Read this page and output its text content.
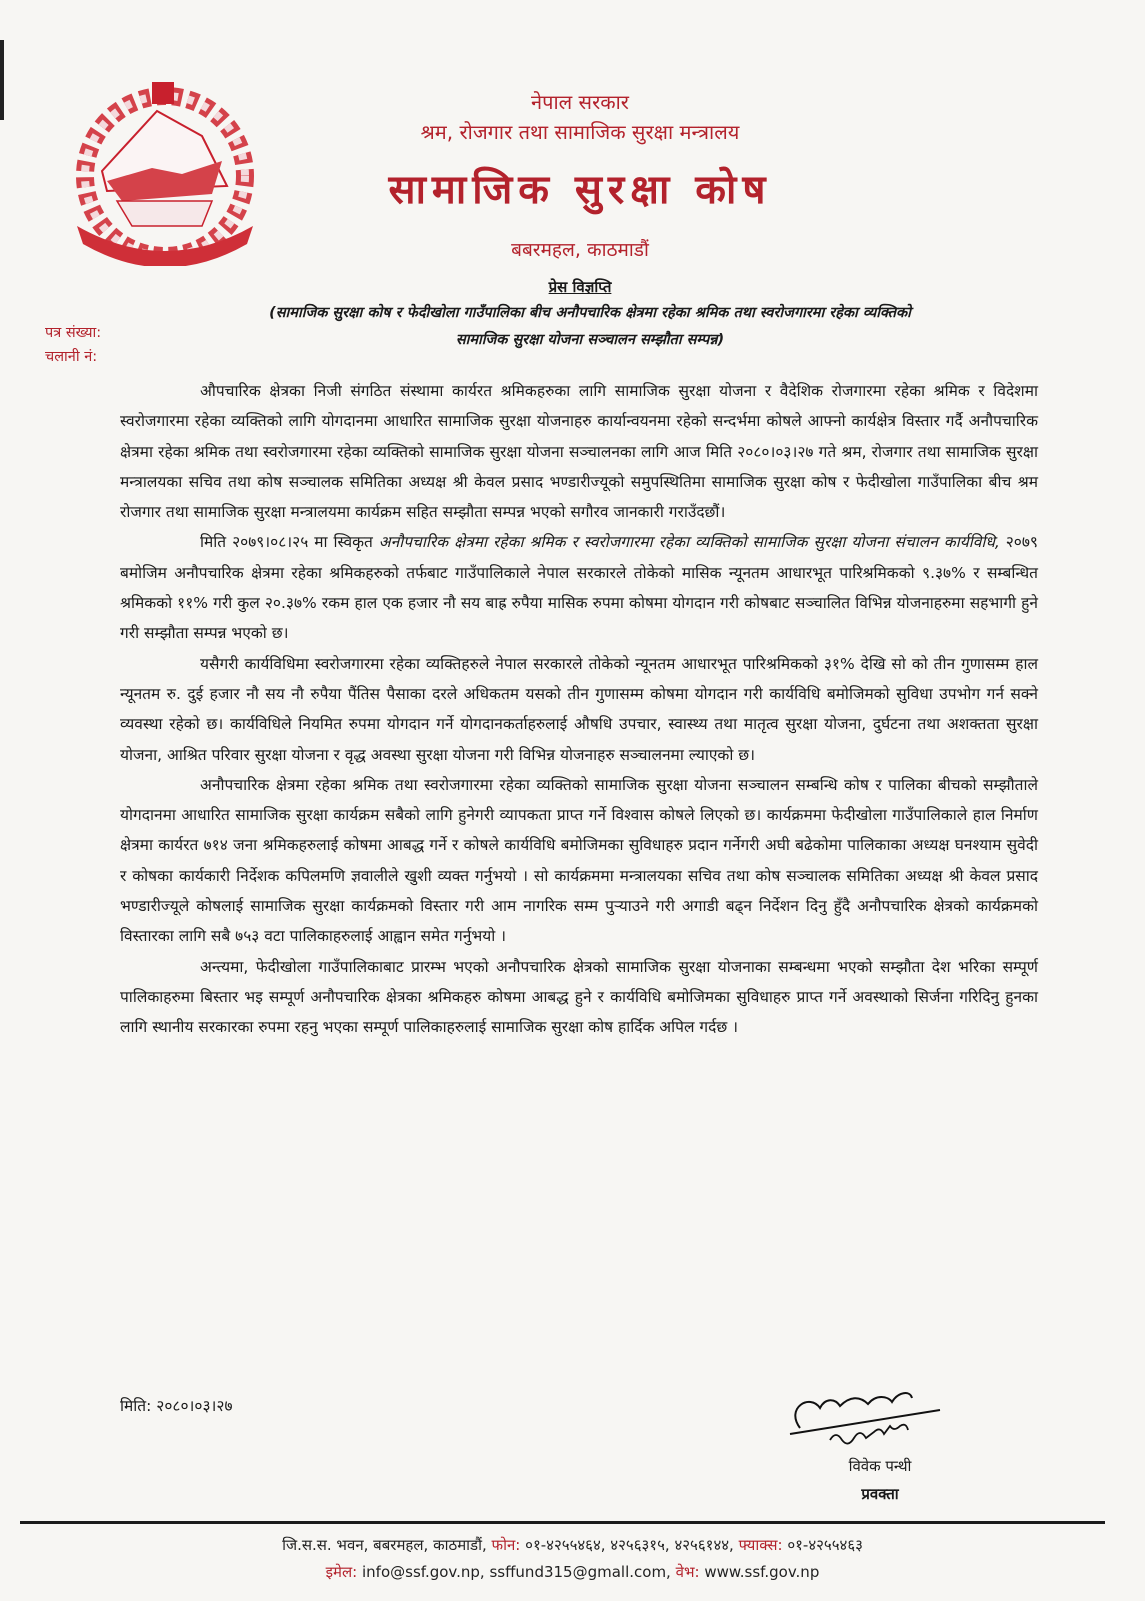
नेपाल सरकार
श्रम, रोजगार तथा सामाजिक सुरक्षा मन्त्रालय
सामाजिक सुरक्षा कोष
बबरमहल, काठमाडौं
प्रेस विज्ञप्ति
(सामाजिक सुरक्षा कोष र फेदीखोला गाउँपालिका बीच अनौपचारिक क्षेत्रमा रहेका श्रमिक तथा स्वरोजगारमा रहेका व्यक्तिको
सामाजिक सुरक्षा योजना सञ्चालन सम्झौता सम्पन्न)
पत्र संख्या:
चलानी नं:

औपचारिक क्षेत्रका निजी संगठित संस्थामा कार्यरत श्रमिकहरुका लागि सामाजिक सुरक्षा योजना र वैदेशिक रोजगारमा रहेका श्रमिक र विदेशमा स्वरोजगारमा रहेका व्यक्तिको लागि योगदानमा आधारित सामाजिक सुरक्षा योजनाहरु कार्यान्वयनमा रहेको सन्दर्भमा कोषले आफ्नो कार्यक्षेत्र विस्तार गर्दै अनौपचारिक क्षेत्रमा रहेका श्रमिक तथा स्वरोजगारमा रहेका व्यक्तिको सामाजिक सुरक्षा योजना सञ्चालनका लागि आज मिति २०८०।०३।२७ गते श्रम, रोजगार तथा सामाजिक सुरक्षा मन्त्रालयका सचिव तथा कोष सञ्चालक समितिका अध्यक्ष श्री केवल प्रसाद भण्डारीज्यूको समुपस्थितिमा सामाजिक सुरक्षा कोष र फेदीखोला गाउँपालिका बीच श्रम रोजगार तथा सामाजिक सुरक्षा मन्त्रालयमा कार्यक्रम सहित सम्झौता सम्पन्न भएको सगौरव जानकारी गराउँदछौं।

मिति २०७९।०८।२५ मा स्विकृत अनौपचारिक क्षेत्रमा रहेका श्रमिक र स्वरोजगारमा रहेका व्यक्तिको सामाजिक सुरक्षा योजना संचालन कार्यविधि, २०७९ बमोजिम अनौपचारिक क्षेत्रमा रहेका श्रमिकहरुको तर्फबाट गाउँपालिकाले नेपाल सरकारले तोकेको मासिक न्यूनतम आधारभूत पारिश्रमिकको ९.३७% र सम्बन्धित श्रमिकको ११% गरी कुल २०.३७% रकम हाल एक हजार नौ सय बाह्र रुपैया मासिक रुपमा कोषमा योगदान गरी कोषबाट सञ्चालित विभिन्न योजनाहरुमा सहभागी हुने गरी सम्झौता सम्पन्न भएको छ।

यसैगरी कार्यविधिमा स्वरोजगारमा रहेका व्यक्तिहरुले नेपाल सरकारले तोकेको न्यूनतम आधारभूत पारिश्रमिकको ३१% देखि सो को तीन गुणासम्म हाल न्यूनतम रु. दुई हजार नौ सय नौ रुपैया पैंतिस पैसाका दरले अधिकतम यसको तीन गुणासम्म कोषमा योगदान गरी कार्यविधि बमोजिमको सुविधा उपभोग गर्न सक्ने व्यवस्था रहेको छ। कार्यविधिले नियमित रुपमा योगदान गर्ने योगदानकर्ताहरुलाई औषधि उपचार, स्वास्थ्य तथा मातृत्व सुरक्षा योजना, दुर्घटना तथा अशक्तता सुरक्षा योजना, आश्रित परिवार सुरक्षा योजना र वृद्ध अवस्था सुरक्षा योजना गरी विभिन्न योजनाहरु सञ्चालनमा ल्याएको छ।

अनौपचारिक क्षेत्रमा रहेका श्रमिक तथा स्वरोजगारमा रहेका व्यक्तिको सामाजिक सुरक्षा योजना सञ्चालन सम्बन्धि कोष र पालिका बीचको सम्झौताले योगदानमा आधारित सामाजिक सुरक्षा कार्यक्रम सबैको लागि हुनेगरी व्यापकता प्राप्त गर्ने विश्वास कोषले लिएको छ। कार्यक्रममा फेदीखोला गाउँपालिकाले हाल निर्माण क्षेत्रमा कार्यरत ७१४ जना श्रमिकहरुलाई कोषमा आबद्ध गर्ने र कोषले कार्यविधि बमोजिमका सुविधाहरु प्रदान गर्नेगरी अघी बढेकोमा पालिकाका अध्यक्ष घनश्याम सुवेदी र कोषका कार्यकारी निर्देशक कपिलमणि ज्ञवालीले खुशी व्यक्त गर्नुभयो । सो कार्यक्रममा मन्त्रालयका सचिव तथा कोष सञ्चालक समितिका अध्यक्ष श्री केवल प्रसाद भण्डारीज्यूले कोषलाई सामाजिक सुरक्षा कार्यक्रमको विस्तार गरी आम नागरिक सम्म पुऱ्याउने गरी अगाडी बढ्न निर्देशन दिनु हुँदै अनौपचारिक क्षेत्रको कार्यक्रमको विस्तारका लागि सबै ७५३ वटा पालिकाहरुलाई आह्वान समेत गर्नुभयो ।

अन्त्यमा, फेदीखोला गाउँपालिकाबाट प्रारम्भ भएको अनौपचारिक क्षेत्रको सामाजिक सुरक्षा योजनाका सम्बन्धमा भएको सम्झौता देश भरिका सम्पूर्ण पालिकाहरुमा बिस्तार भइ सम्पूर्ण अनौपचारिक क्षेत्रका श्रमिकहरु कोषमा आबद्ध हुने र कार्यविधि बमोजिमका सुविधाहरु प्राप्त गर्ने अवस्थाको सिर्जना गरिदिनु हुनका लागि स्थानीय सरकारका रुपमा रहनु भएका सम्पूर्ण पालिकाहरुलाई सामाजिक सुरक्षा कोष हार्दिक अपिल गर्दछ ।

मिति: २०८०।०३।२७
विवेक पन्थी
प्रवक्ता
जि.स.स. भवन, बबरमहल, काठमाडौं, फोन: ०१-४२५५४६४, ४२५६३१५, ४२५६१४४, फ्याक्स: ०१-४२५५४६३
इमेल: info@ssf.gov.np, ssffund315@gmall.com, वेभ: www.ssf.gov.np
